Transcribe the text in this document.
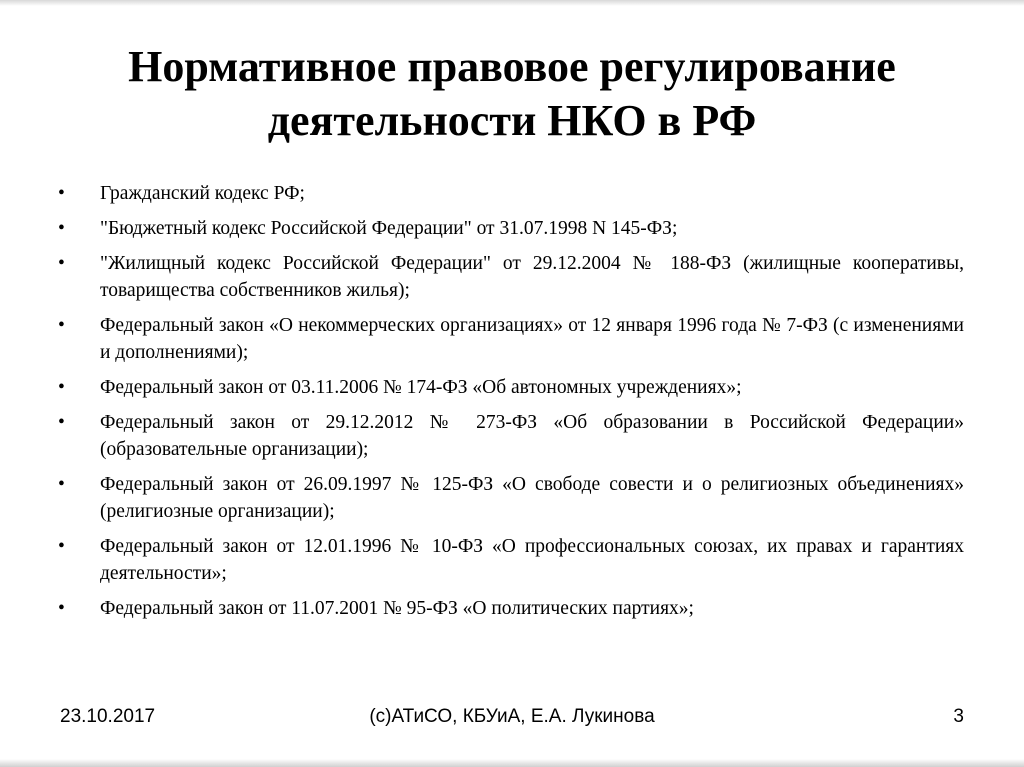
Нормативное правовое регулирование
деятельности НКО в РФ
•	Гражданский кодекс РФ;
•	"Бюджетный кодекс Российской Федерации" от 31.07.1998 N 145-ФЗ;
•	"Жилищный кодекс Российской Федерации" от 29.12.2004 № 188-ФЗ (жилищные кооперативы, товарищества собственников жилья);
•	Федеральный закон «О некоммерческих организациях» от 12 января 1996 года № 7-ФЗ (с изменениями и дополнениями);
•	Федеральный закон от 03.11.2006 № 174-ФЗ «Об автономных учреждениях»;
•	Федеральный закон от 29.12.2012 № 273-ФЗ «Об образовании в Российской Федерации» (образовательные организации);
•	Федеральный закон от 26.09.1997 № 125-ФЗ «О свободе совести и о религиозных объединениях» (религиозные организации);
•	Федеральный закон от 12.01.1996 № 10-ФЗ «О профессиональных союзах, их правах и гарантиях деятельности»;
•	Федеральный закон от 11.07.2001 № 95-ФЗ «О политических партиях»;
23.10.2017	(с)АТиСО, КБУиА, Е.А. Лукинова	3
